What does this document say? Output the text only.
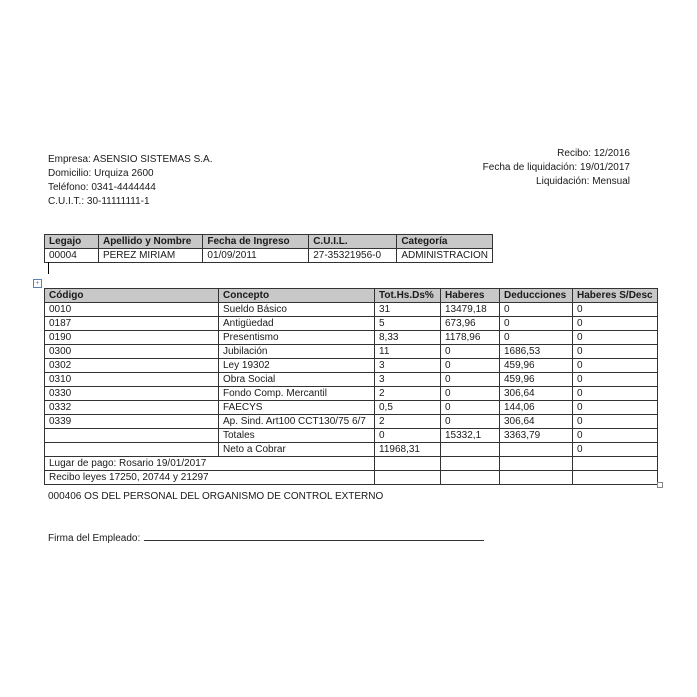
Empresa: ASENSIO SISTEMAS S.A.
Domicilio: Urquiza 2600
Teléfono: 0341-4444444
C.U.I.T.: 30-11111111-1
Recibo: 12/2016
Fecha de liquidación: 19/01/2017
Liquidación: Mensual
Legajo	Apellido y Nombre	Fecha de Ingreso	C.U.I.L.	Categoría
00004	PEREZ MIRIAM	01/09/2011	27-35321956-0	ADMINISTRACION
+
Código	Concepto	Tot.Hs.Ds%	Haberes	Deducciones	Haberes S/Desc
0010	Sueldo Básico	31	13479,18	0	0
0187	Antigüedad	5	673,96	0	0
0190	Presentismo	8,33	1178,96	0	0
0300	Jubilación	11	0	1686,53	0
0302	Ley 19302	3	0	459,96	0
0310	Obra Social	3	0	459,96	0
0330	Fondo Comp. Mercantil	2	0	306,64	0
0332	FAECYS	0,5	0	144,06	0
0339	Ap. Sind. Art100 CCT130/75 6/7	2	0	306,64	0
	Totales	0	15332,1	3363,79	0
	Neto a Cobrar	11968,31			0
Lugar de pago: Rosario 19/01/2017					
Recibo leyes 17250, 20744 y 21297					
000406 OS DEL PERSONAL DEL ORGANISMO DE CONTROL EXTERNO
Firma del Empleado:
